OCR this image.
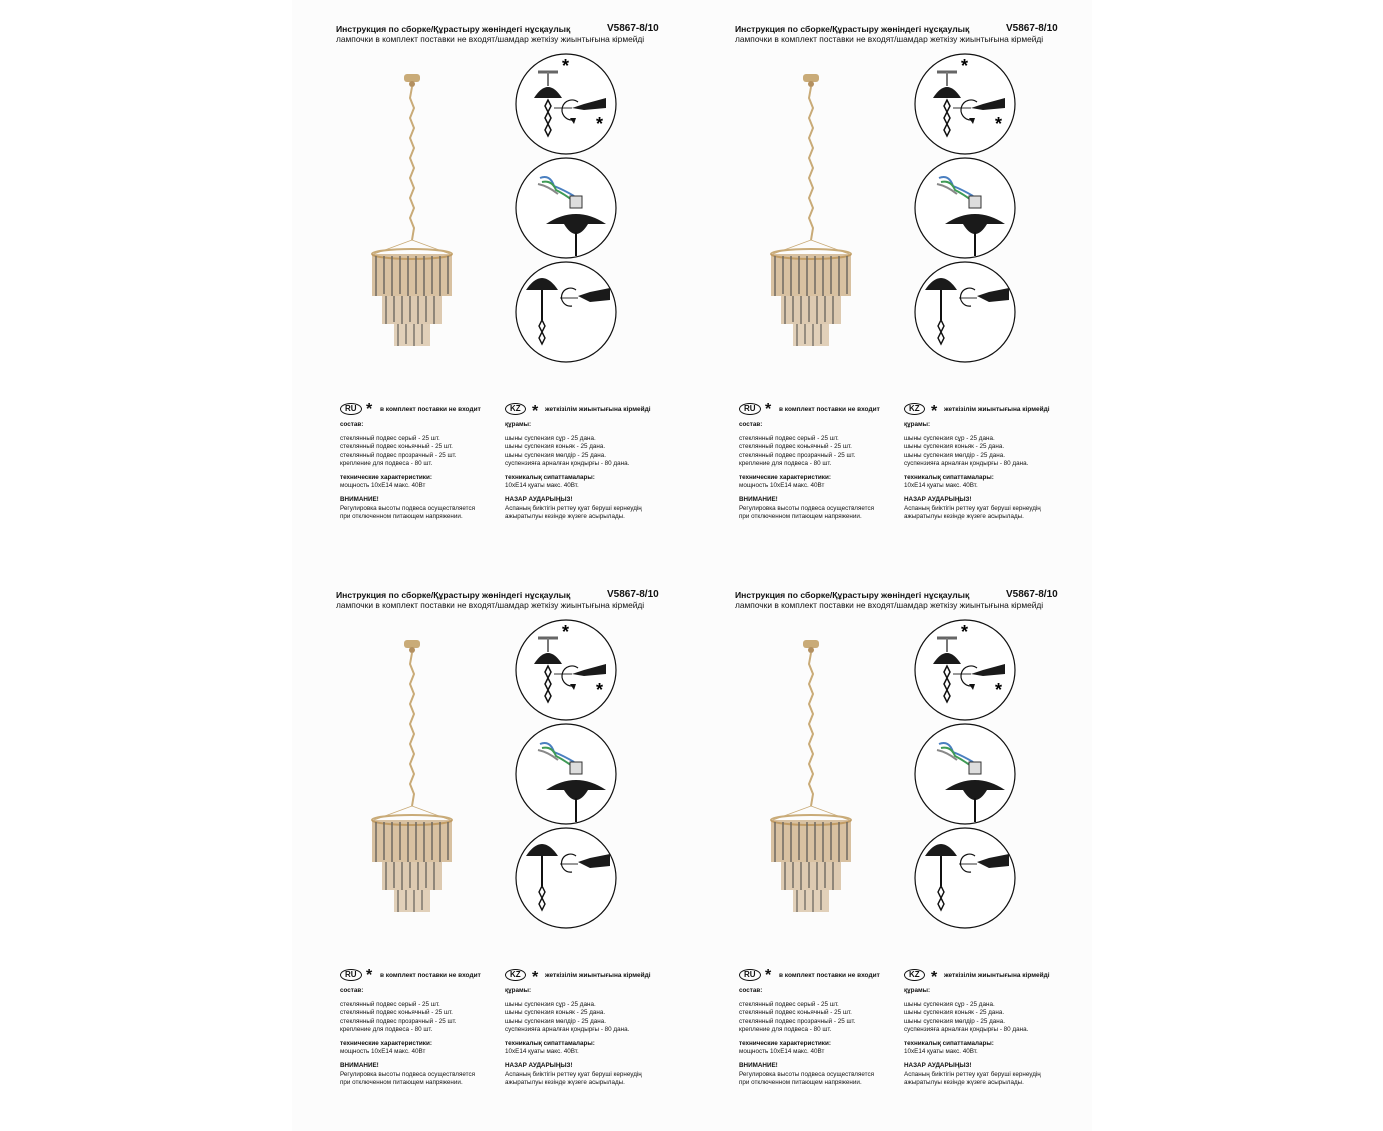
Инструкция по сборке/Құрастыру жөніндегі нұсқаулық	V5867-8/10
лампочки в комплект поставки не входят/шамдар жеткізу жиынтығына кірмейді
*
*
RU * в комплект поставки не входит	KZ * жеткізілім жиынтығына кірмейді
состав:
стеклянный подвес серый - 25 шт.
стеклянный подвес коньячный - 25 шт.
стеклянный подвес прозрачный - 25 шт.
крепление для подвеса - 80 шт.
технические характеристики:
мощность 10хЕ14 макс. 40Вт
ВНИМАНИЕ!
Регулировка высоты подвеса осуществляется
при отключенном питающем напряжении.
құрамы:
шыны суспензия сұр - 25 дана.
шыны суспензия коньяк - 25 дана.
шыны суспензия мөлдір - 25 дана.
суспензияға арналған қондырғы - 80 дана.
техникалық сипаттамалары:
10хЕ14 қуаты макс. 40Вт.
НАЗАР АУДАРЫҢЫЗ!
Аспаның биіктігін реттеу қуат беруші кернеудің
ажыратылуы кезінде жүзеге асырылады.
Инструкция по сборке/Құрастыру жөніндегі нұсқаулық	V5867-8/10
лампочки в комплект поставки не входят/шамдар жеткізу жиынтығына кірмейді
*
*
RU * в комплект поставки не входит	KZ * жеткізілім жиынтығына кірмейді
состав:
стеклянный подвес серый - 25 шт.
стеклянный подвес коньячный - 25 шт.
стеклянный подвес прозрачный - 25 шт.
крепление для подвеса - 80 шт.
технические характеристики:
мощность 10хЕ14 макс. 40Вт
ВНИМАНИЕ!
Регулировка высоты подвеса осуществляется
при отключенном питающем напряжении.
құрамы:
шыны суспензия сұр - 25 дана.
шыны суспензия коньяк - 25 дана.
шыны суспензия мөлдір - 25 дана.
суспензияға арналған қондырғы - 80 дана.
техникалық сипаттамалары:
10хЕ14 қуаты макс. 40Вт.
НАЗАР АУДАРЫҢЫЗ!
Аспаның биіктігін реттеу қуат беруші кернеудің
ажыратылуы кезінде жүзеге асырылады.
Инструкция по сборке/Құрастыру жөніндегі нұсқаулық	V5867-8/10
лампочки в комплект поставки не входят/шамдар жеткізу жиынтығына кірмейді
*
*
RU * в комплект поставки не входит	KZ * жеткізілім жиынтығына кірмейді
состав:
стеклянный подвес серый - 25 шт.
стеклянный подвес коньячный - 25 шт.
стеклянный подвес прозрачный - 25 шт.
крепление для подвеса - 80 шт.
технические характеристики:
мощность 10хЕ14 макс. 40Вт
ВНИМАНИЕ!
Регулировка высоты подвеса осуществляется
при отключенном питающем напряжении.
құрамы:
шыны суспензия сұр - 25 дана.
шыны суспензия коньяк - 25 дана.
шыны суспензия мөлдір - 25 дана.
суспензияға арналған қондырғы - 80 дана.
техникалық сипаттамалары:
10хЕ14 қуаты макс. 40Вт.
НАЗАР АУДАРЫҢЫЗ!
Аспаның биіктігін реттеу қуат беруші кернеудің
ажыратылуы кезінде жүзеге асырылады.
Инструкция по сборке/Құрастыру жөніндегі нұсқаулық	V5867-8/10
лампочки в комплект поставки не входят/шамдар жеткізу жиынтығына кірмейді
*
*
RU * в комплект поставки не входит	KZ * жеткізілім жиынтығына кірмейді
состав:
стеклянный подвес серый - 25 шт.
стеклянный подвес коньячный - 25 шт.
стеклянный подвес прозрачный - 25 шт.
крепление для подвеса - 80 шт.
технические характеристики:
мощность 10хЕ14 макс. 40Вт
ВНИМАНИЕ!
Регулировка высоты подвеса осуществляется
при отключенном питающем напряжении.
құрамы:
шыны суспензия сұр - 25 дана.
шыны суспензия коньяк - 25 дана.
шыны суспензия мөлдір - 25 дана.
суспензияға арналған қондырғы - 80 дана.
техникалық сипаттамалары:
10хЕ14 қуаты макс. 40Вт.
НАЗАР АУДАРЫҢЫЗ!
Аспаның биіктігін реттеу қуат беруші кернеудің
ажыратылуы кезінде жүзеге асырылады.
